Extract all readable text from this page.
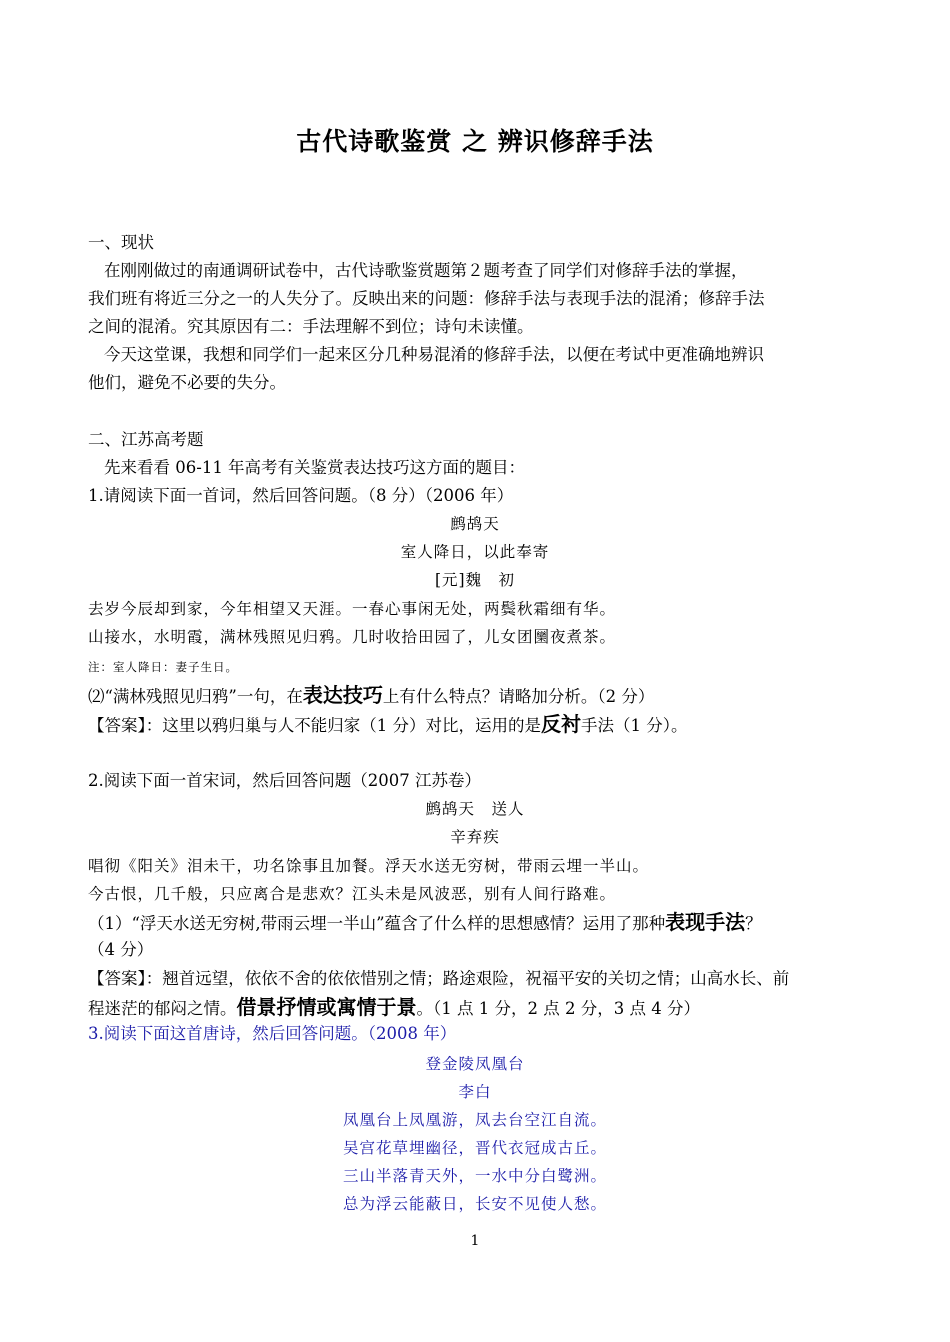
古代诗歌鉴赏 之 辨识修辞手法
一、现状
在刚刚做过的南通调研试卷中，古代诗歌鉴赏题第２题考查了同学们对修辞手法的掌握，
我们班有将近三分之一的人失分了。反映出来的问题：修辞手法与表现手法的混淆；修辞手法
之间的混淆。究其原因有二：手法理解不到位；诗句未读懂。
今天这堂课，我想和同学们一起来区分几种易混淆的修辞手法，以便在考试中更准确地辨识
他们，避免不必要的失分。
二、江苏高考题
先来看看 06-11 年高考有关鉴赏表达技巧这方面的题目：
1.请阅读下面一首词，然后回答问题。（8 分）（2006 年）
鹧鸪天
室人降日，以此奉寄
[元]魏　初
去岁今辰却到家，今年相望又天涯。一春心事闲无处，两鬓秋霜细有华。
山接水，水明霞，满林残照见归鸦。几时收拾田园了，儿女团圞夜煮茶。
注：室人降日：妻子生日。
⑵“满林残照见归鸦”一句，在表达技巧上有什么特点？请略加分析。（2 分）
【答案】：这里以鸦归巢与人不能归家（1 分）对比，运用的是反衬手法（1 分）。
2.阅读下面一首宋词，然后回答问题（2007 江苏卷）
鹧鸪天　送人
辛弃疾
唱彻《阳关》泪未干，功名馀事且加餐。浮天水送无穷树，带雨云埋一半山。
今古恨，几千般，只应离合是悲欢？江头未是风波恶，别有人间行路难。
（1）“浮天水送无穷树,带雨云埋一半山”蕴含了什么样的思想感情？运用了那种表现手法？
（4 分）
【答案】：翘首远望，依依不舍的依依惜别之情；路途艰险，祝福平安的关切之情；山高水长、前
程迷茫的郁闷之情。借景抒情或寓情于景。（1 点 1 分，2 点 2 分，3 点 4 分）
3.阅读下面这首唐诗，然后回答问题。（2008 年）
登金陵凤凰台
李白
凤凰台上凤凰游，凤去台空江自流。
吴宫花草埋幽径，晋代衣冠成古丘。
三山半落青天外，一水中分白鹭洲。
总为浮云能蔽日，长安不见使人愁。
1
